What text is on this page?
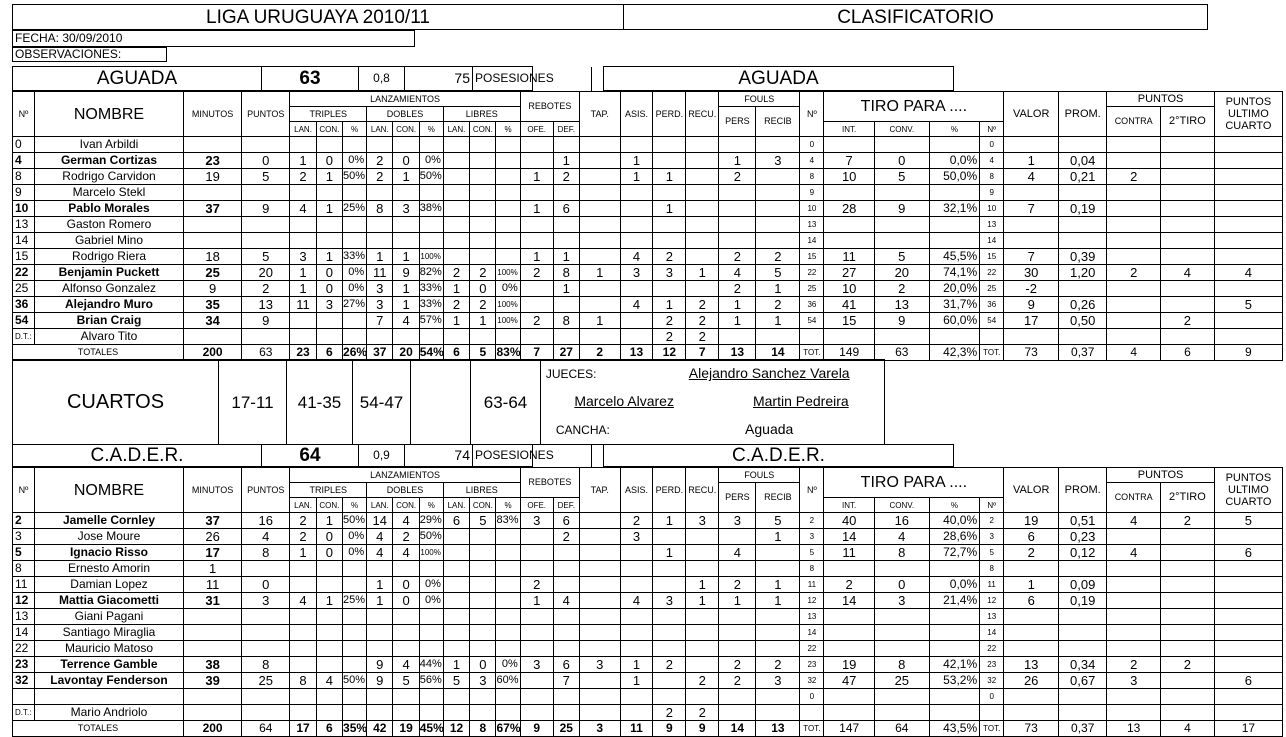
LIGA URUGUAYA 2010/11	CLASIFICATORIO
FECHA: 30/09/2010
OBSERVACIONES:
AGUADA	63	0,8	75	POSESIONES			AGUADA	
Nº	NOMBRE	MINUTOS	PUNTOS	LANZAMIENTOS									REBOTES		TAP.	ASIS.	PERD.	RECU.	FOULS		Nº	TIRO PARA ....				VALOR	PROM.	PUNTOS		PUNTOS ULTIMO CUARTO
				TRIPLES			DOBLES			LIBRES									PERS	RECIB								CONTRA	2°TIRO	
				LAN.	CON.	%	LAN.	CON.	%	LAN.	CON.	%	OFE.	DEF.								INT.	CONV.	%	Nº					
0	Ivan Arbildi																				0				0					
4	German Cortizas	23	0	1	0	0%	2	0	0%					1		1			1	3	4	7	0	0,0%	4	1	0,04			
8	Rodrigo Carvidon	19	5	2	1	50%	2	1	50%				1	2		1	1		2		8	10	5	50,0%	8	4	0,21	2		
9	Marcelo Stekl																				9				9					
10	Pablo Morales	37	9	4	1	25%	8	3	38%				1	6			1				10	28	9	32,1%	10	7	0,19			
13	Gaston Romero																				13				13					
14	Gabriel Mino																				14				14					
15	Rodrigo Riera	18	5	3	1	33%	1	1	100%				1	1		4	2		2	2	15	11	5	45,5%	15	7	0,39			
22	Benjamin Puckett	25	20	1	0	0%	11	9	82%	2	2	100%	2	8	1	3	3	1	4	5	22	27	20	74,1%	22	30	1,20	2	4	4
25	Alfonso Gonzalez	9	2	1	0	0%	3	1	33%	1	0	0%		1					2	1	25	10	2	20,0%	25	-2				
36	Alejandro Muro	35	13	11	3	27%	3	1	33%	2	2	100%				4	1	2	1	2	36	41	13	31,7%	36	9	0,26			5
54	Brian Craig	34	9				7	4	57%	1	1	100%	2	8	1		2	2	1	1	54	15	9	60,0%	54	17	0,50		2	
D.T.:	Alvaro Tito																2	2												
TOTALES		200	63	23	6	26%	37	20	54%	6	5	83%	7	27	2	13	12	7	13	14	TOT.	149	63	42,3%	TOT.	73	0,37	4	6	9
CUARTOS	17-11	41-35	54-47		63-64	JUECES:	Alejandro Sanchez Varela
Marcelo Alvarez	Martin Pedreira
CANCHA:	Aguada
C.A.D.E.R.	64	0,9	74	POSESIONES			C.A.D.E.R.	
Nº	NOMBRE	MINUTOS	PUNTOS	LANZAMIENTOS									REBOTES		TAP.	ASIS.	PERD.	RECU.	FOULS		Nº	TIRO PARA ....				VALOR	PROM.	PUNTOS		PUNTOS ULTIMO CUARTO
				TRIPLES			DOBLES			LIBRES									PERS	RECIB								CONTRA	2°TIRO	
				LAN.	CON.	%	LAN.	CON.	%	LAN.	CON.	%	OFE.	DEF.								INT.	CONV.	%	Nº					
2	Jamelle Cornley	37	16	2	1	50%	14	4	29%	6	5	83%	3	6		2	1	3	3	5	2	40	16	40,0%	2	19	0,51	4	2	5
3	Jose Moure	26	4	2	0	0%	4	2	50%					2		3				1	3	14	4	28,6%	3	6	0,23			
5	Ignacio Risso	17	8	1	0	0%	4	4	100%								1		4		5	11	8	72,7%	5	2	0,12	4		6
8	Ernesto Amorin	1																			8				8					
11	Damian Lopez	11	0				1	0	0%				2					1	2	1	11	2	0	0,0%	11	1	0,09			
12	Mattia Giacometti	31	3	4	1	25%	1	0	0%				1	4		4	3	1	1	1	12	14	3	21,4%	12	6	0,19			
13	Giani Pagani																				13				13					
14	Santiago Miraglia																				14				14					
22	Mauricio Matoso																				22				22					
23	Terrence Gamble	38	8				9	4	44%	1	0	0%	3	6	3	1	2		2	2	23	19	8	42,1%	23	13	0,34	2	2	
32	Lavontay Fenderson	39	25	8	4	50%	9	5	56%	5	3	60%		7		1		2	2	3	32	47	25	53,2%	32	26	0,67	3		6
																					0				0					
D.T.:	Mario Andriolo																2	2												
TOTALES		200	64	17	6	35%	42	19	45%	12	8	67%	9	25	3	11	9	9	14	13	TOT.	147	64	43,5%	TOT.	73	0,37	13	4	17
